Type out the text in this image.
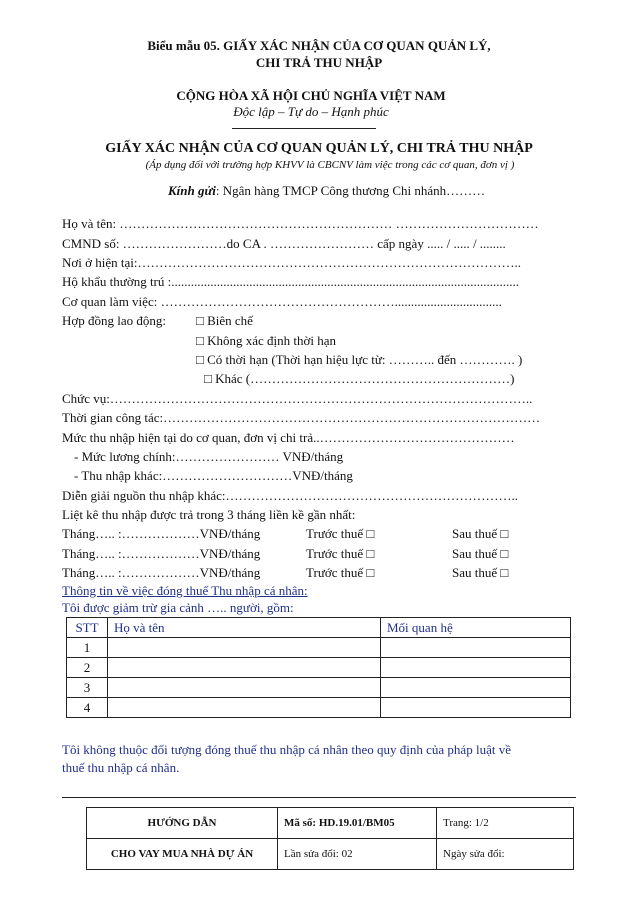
Biểu mẫu 05. GIẤY XÁC NHẬN CỦA CƠ QUAN QUẢN LÝ,
CHI TRẢ THU NHẬP
CỘNG HÒA XÃ HỘI CHỦ NGHĨA VIỆT NAM
Độc lập – Tự do – Hạnh phúc
GIẤY XÁC NHẬN CỦA CƠ QUAN QUẢN LÝ, CHI TRẢ THU NHẬP
(Áp dụng đối với trường hợp KHVV là CBCNV làm việc trong các cơ quan, đơn vị )
Kính gửi: Ngân hàng TMCP Công thương Chi nhánh………
Họ và tên: ……………………………………………………… ……………………………
CMND số: ……………………do CA . …………………… cấp ngày ..... / ..... / ........
Nơi ở hiện tại:……………………………………………………………………………..
Hộ khẩu thường trú :...........................................................................................................
Cơ quan làm việc: ……………………………………………….................................
Hợp đồng lao động: □ Biên chế
□ Không xác định thời hạn
□ Có thời hạn (Thời hạn hiệu lực từ: ……….. đến …………. )
□ Khác (……………………………………………………)
Chức vụ:……………………………………………………………………………………..
Thời gian công tác:……………………………………………………………………………
Mức thu nhập hiện tại do cơ quan, đơn vị chi trả..………………………………………
- Mức lương chính:…………………… VNĐ/tháng
- Thu nhập khác:…………………………VNĐ/tháng
Diễn giải nguồn thu nhập khác:…………………………………………………………..
Liệt kê thu nhập được trả trong 3 tháng liền kề gần nhất:
Tháng….. :………………VNĐ/tháng	Trước thuế □	Sau thuế □
Tháng….. :………………VNĐ/tháng	Trước thuế □	Sau thuế □
Tháng….. :………………VNĐ/tháng	Trước thuế □	Sau thuế □
Thông tin về việc đóng thuế Thu nhập cá nhân:
Tôi được giảm trừ gia cảnh ….. người, gồm:
STT	Họ và tên	Mối quan hệ
1		
2		
3		
4		
Tôi không thuộc đối tượng đóng thuế thu nhập cá nhân theo quy định của pháp luật về
thuế thu nhập cá nhân.
HƯỚNG DẪN	Mã số: HD.19.01/BM05	Trang: 1/2
CHO VAY MUA NHÀ DỰ ÁN	Lần sửa đổi: 02	Ngày sửa đổi:
